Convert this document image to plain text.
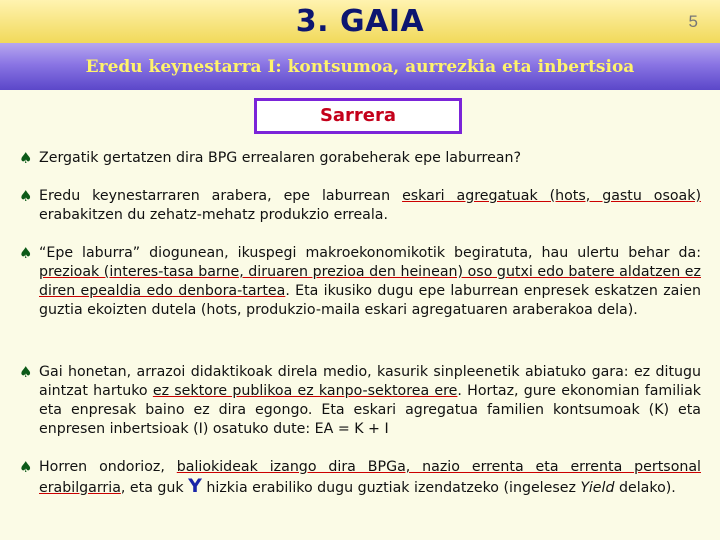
3. GAIA	5
Eredu keynestarra I: kontsumoa, aurrezkia eta inbertsioa
Sarrera
♠ Zergatik gertatzen dira BPG errealaren gorabeherak epe laburrean?
♠ Eredu keynestarraren arabera, epe laburrean eskari agregatuak (hots, gastu osoak) erabakitzen du zehatz-mehatz produkzio erreala.
♠ “Epe laburra” diogunean, ikuspegi makroekonomikotik begiratuta, hau ulertu behar da: prezioak (interes-tasa barne, diruaren prezioa den heinean) oso gutxi edo batere aldatzen ez diren epealdia edo denbora-tartea. Eta ikusiko dugu epe laburrean enpresek eskatzen zaien guztia ekoizten dutela (hots, produkzio-maila eskari agregatuaren araberakoa dela).
♠ Gai honetan, arrazoi didaktikoak direla medio, kasurik sinpleenetik abiatuko gara: ez ditugu aintzat hartuko ez sektore publikoa ez kanpo-sektorea ere. Hortaz, gure ekonomian familiak eta enpresak baino ez dira egongo. Eta eskari agregatua familien kontsumoak (K) eta enpresen inbertsioak (I) osatuko dute: EA = K + I
♠ Horren ondorioz, baliokideak izango dira BPGa, nazio errenta eta errenta pertsonal erabilgarria, eta guk Y hizkia erabiliko dugu guztiak izendatzeko (ingelesez Yield delako).
